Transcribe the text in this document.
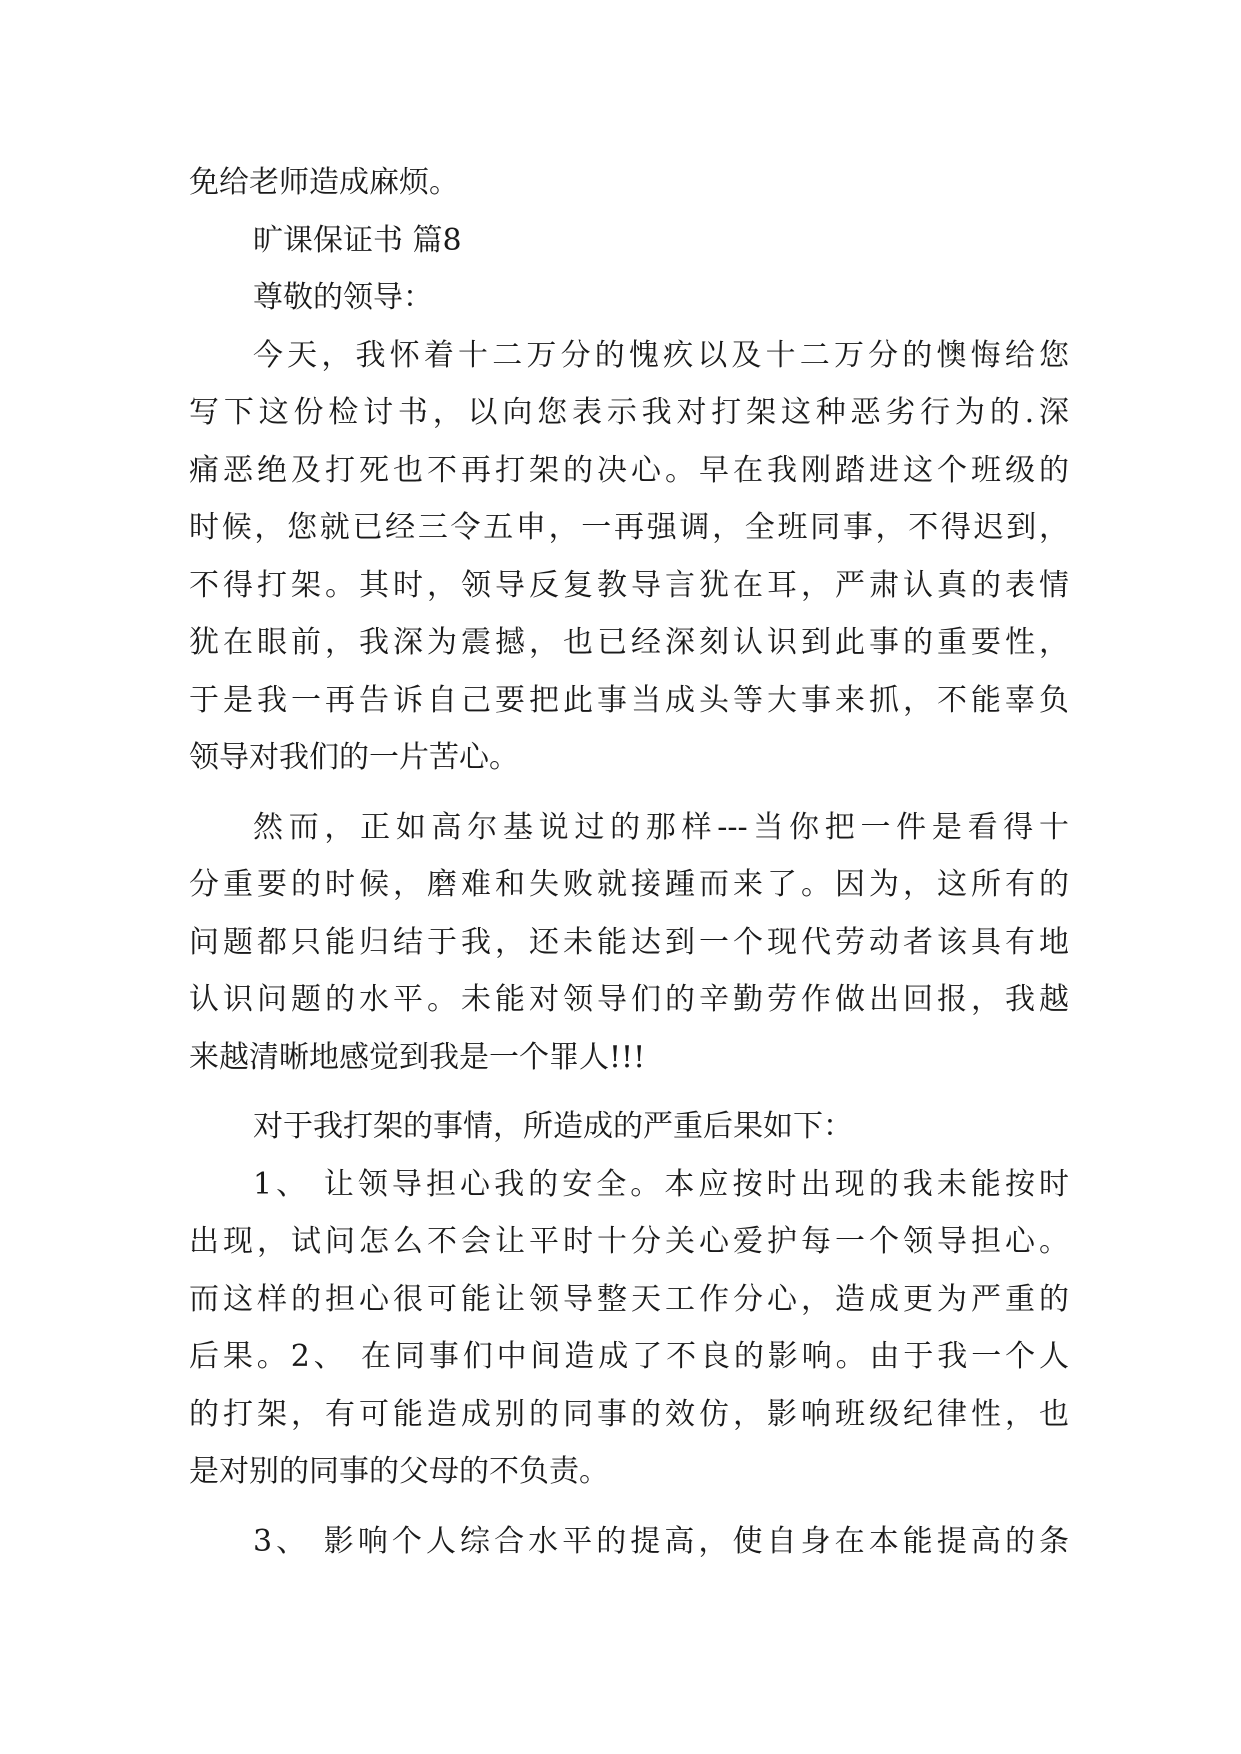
免给老师造成麻烦。
旷课保证书 篇8
尊敬的领导：
今天，我怀着十二万分的愧疚以及十二万分的懊悔给您
写下这份检讨书，以向您表示我对打架这种恶劣行为的.深
痛恶绝及打死也不再打架的决心。早在我刚踏进这个班级的
时候，您就已经三令五申，一再强调，全班同事，不得迟到，
不得打架。其时，领导反复教导言犹在耳，严肃认真的表情
犹在眼前，我深为震撼，也已经深刻认识到此事的重要性，
于是我一再告诉自己要把此事当成头等大事来抓，不能辜负
领导对我们的一片苦心。
然而，正如高尔基说过的那样---当你把一件是看得十
分重要的时候，磨难和失败就接踵而来了。因为，这所有的
问题都只能归结于我，还未能达到一个现代劳动者该具有地
认识问题的水平。未能对领导们的辛勤劳作做出回报，我越
来越清晰地感觉到我是一个罪人!!!
对于我打架的事情，所造成的严重后果如下：
1、 让领导担心我的安全。本应按时出现的我未能按时
出现，试问怎么不会让平时十分关心爱护每一个领导担心。
而这样的担心很可能让领导整天工作分心，造成更为严重的
后果。2、 在同事们中间造成了不良的影响。由于我一个人
的打架，有可能造成别的同事的效仿，影响班级纪律性，也
是对别的同事的父母的不负责。
3、 影响个人综合水平的提高，使自身在本能提高的条
